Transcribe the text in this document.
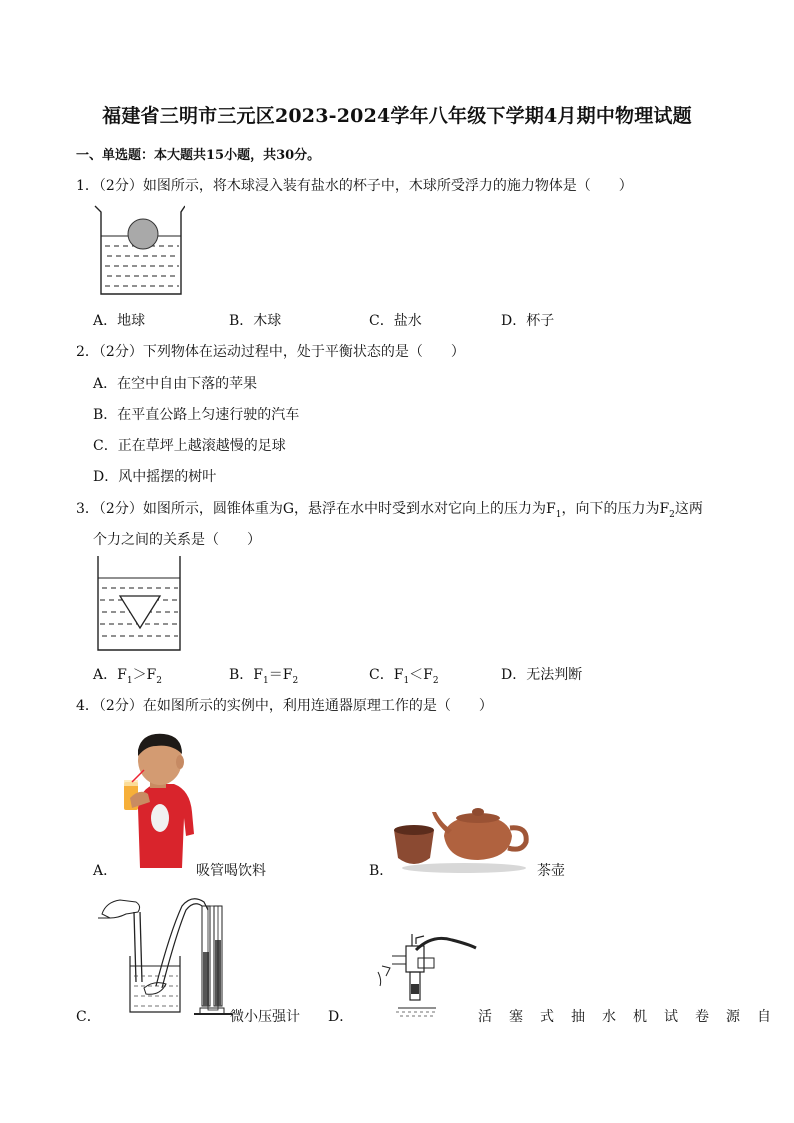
福建省三明市三元区2023-2024学年八年级下学期4月期中物理试题
一、单选题：本大题共15小题，共30分。
1．（2分）如图所示，将木球浸入装有盐水的杯子中，木球所受浮力的施力物体是（　　）
A．地球	B．木球	C．盐水	D．杯子
2．（2分）下列物体在运动过程中，处于平衡状态的是（　　）
A．在空中自由下落的苹果
B．在平直公路上匀速行驶的汽车
C．正在草坪上越滚越慢的足球
D．风中摇摆的树叶
3．（2分）如图所示，圆锥体重为G，悬浮在水中时受到水对它向上的压力为$F_1$，向下的压力为$F_2$这两
个力之间的关系是（　　）
A．$F_1>F_2$	B．$F_1=F_2$	C．$F_1<F_2$	D．无法判断
4．（2分）在如图所示的实例中，利用连通器原理工作的是（　　）
A．	吸管喝饮料	B．	茶壶
C．	微小压强计 D．	活塞式抽水机试卷源自
